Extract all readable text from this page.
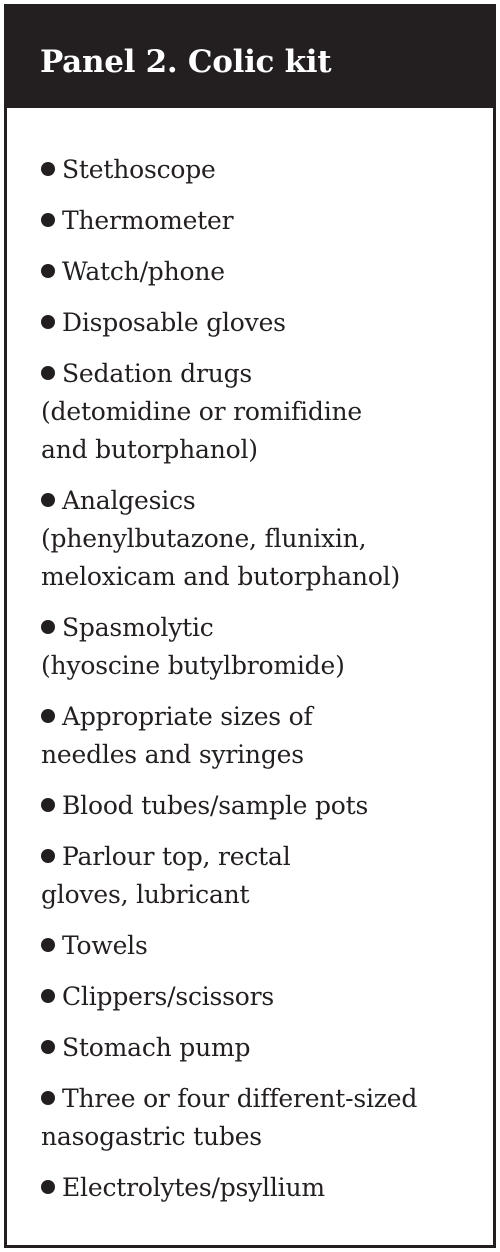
Panel 2. Colic kit
Stethoscope
Thermometer
Watch/phone
Disposable gloves
Sedation drugs
(detomidine or romifidine
and butorphanol)
Analgesics
(phenylbutazone, flunixin,
meloxicam and butorphanol)
Spasmolytic
(hyoscine butylbromide)
Appropriate sizes of
needles and syringes
Blood tubes/sample pots
Parlour top, rectal
gloves, lubricant
Towels
Clippers/scissors
Stomach pump
Three or four different-sized
nasogastric tubes
Electrolytes/psyllium
